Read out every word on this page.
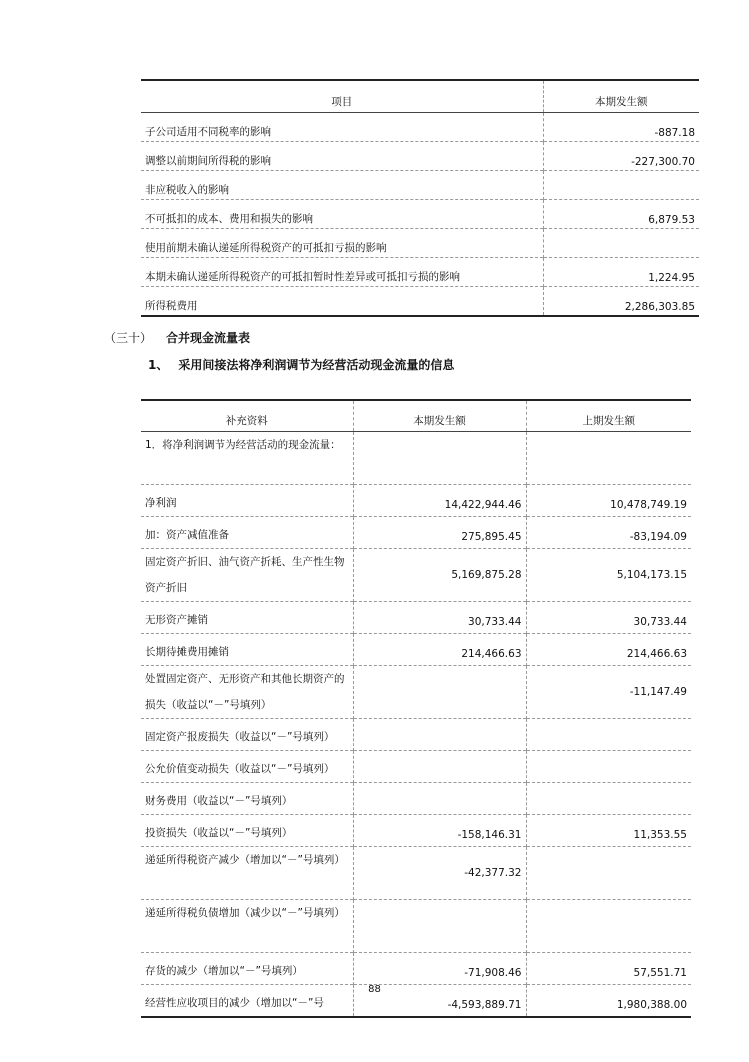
项目	本期发生额
子公司适用不同税率的影响	-887.18
调整以前期间所得税的影响	-227,300.70
非应税收入的影响	
不可抵扣的成本、费用和损失的影响	6,879.53
使用前期未确认递延所得税资产的可抵扣亏损的影响	
本期未确认递延所得税资产的可抵扣暂时性差异或可抵扣亏损的影响	1,224.95
所得税费用	2,286,303.85
（三十） 合并现金流量表
1、 采用间接法将净利润调节为经营活动现金流量的信息
补充资料	本期发生额	上期发生额
1．将净利润调节为经营活动的现金流量：		
净利润	14,422,944.46	10,478,749.19
加：资产减值准备	275,895.45	-83,194.09
固定资产折旧、油气资产折耗、生产性生物资产折旧	5,169,875.28	5,104,173.15
无形资产摊销	30,733.44	30,733.44
长期待摊费用摊销	214,466.63	214,466.63
处置固定资产、无形资产和其他长期资产的损失（收益以“－”号填列）		-11,147.49
固定资产报废损失（收益以“－”号填列）		
公允价值变动损失（收益以“－”号填列）		
财务费用（收益以“－”号填列）		
投资损失（收益以“－”号填列）	-158,146.31	11,353.55
递延所得税资产减少（增加以“－”号填列）	-42,377.32	
递延所得税负债增加（减少以“－”号填列）		
存货的减少（增加以“－”号填列）	-71,908.46	57,551.71
经营性应收项目的减少（增加以“－”号	-4,593,889.71	1,980,388.00
88
